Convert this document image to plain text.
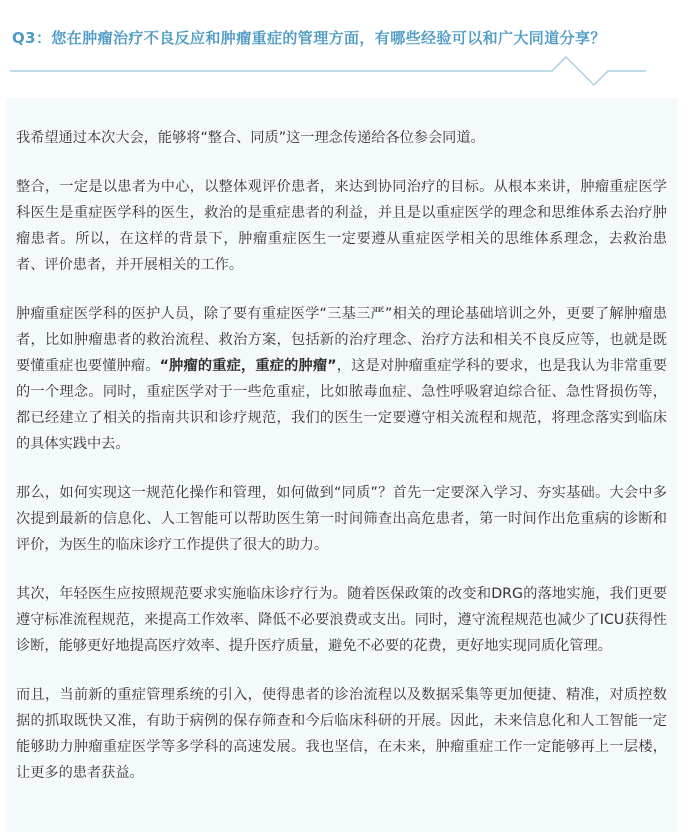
Q3：您在肿瘤治疗不良反应和肿瘤重症的管理方面，有哪些经验可以和广大同道分享？

我希望通过本次大会，能够将“整合、同质”这一理念传递给各位参会同道。

整合，一定是以患者为中心，以整体观评价患者，来达到协同治疗的目标。从根本来讲，肿瘤重症医学科医生是重症医学科的医生，救治的是重症患者的利益，并且是以重症医学的理念和思维体系去治疗肿瘤患者。所以，在这样的背景下，肿瘤重症医生一定要遵从重症医学相关的思维体系理念，去救治患者、评价患者，并开展相关的工作。

肿瘤重症医学科的医护人员，除了要有重症医学“三基三严”相关的理论基础培训之外，更要了解肿瘤患者，比如肿瘤患者的救治流程、救治方案，包括新的治疗理念、治疗方法和相关不良反应等，也就是既要懂重症也要懂肿瘤。“肿瘤的重症，重症的肿瘤”，这是对肿瘤重症学科的要求，也是我认为非常重要的一个理念。同时，重症医学对于一些危重症，比如脓毒血症、急性呼吸窘迫综合征、急性肾损伤等，都已经建立了相关的指南共识和诊疗规范，我们的医生一定要遵守相关流程和规范，将理念落实到临床的具体实践中去。

那么，如何实现这一规范化操作和管理，如何做到“同质”？首先一定要深入学习、夯实基础。大会中多次提到最新的信息化、人工智能可以帮助医生第一时间筛查出高危患者，第一时间作出危重病的诊断和评价，为医生的临床诊疗工作提供了很大的助力。

其次，年轻医生应按照规范要求实施临床诊疗行为。随着医保政策的改变和DRG的落地实施，我们更要遵守标准流程规范，来提高工作效率、降低不必要浪费或支出。同时，遵守流程规范也减少了ICU获得性诊断，能够更好地提高医疗效率、提升医疗质量，避免不必要的花费，更好地实现同质化管理。

而且，当前新的重症管理系统的引入，使得患者的诊治流程以及数据采集等更加便捷、精准，对质控数据的抓取既快又准，有助于病例的保存筛查和今后临床科研的开展。因此，未来信息化和人工智能一定能够助力肿瘤重症医学等多学科的高速发展。我也坚信，在未来，肿瘤重症工作一定能够再上一层楼，让更多的患者获益。
